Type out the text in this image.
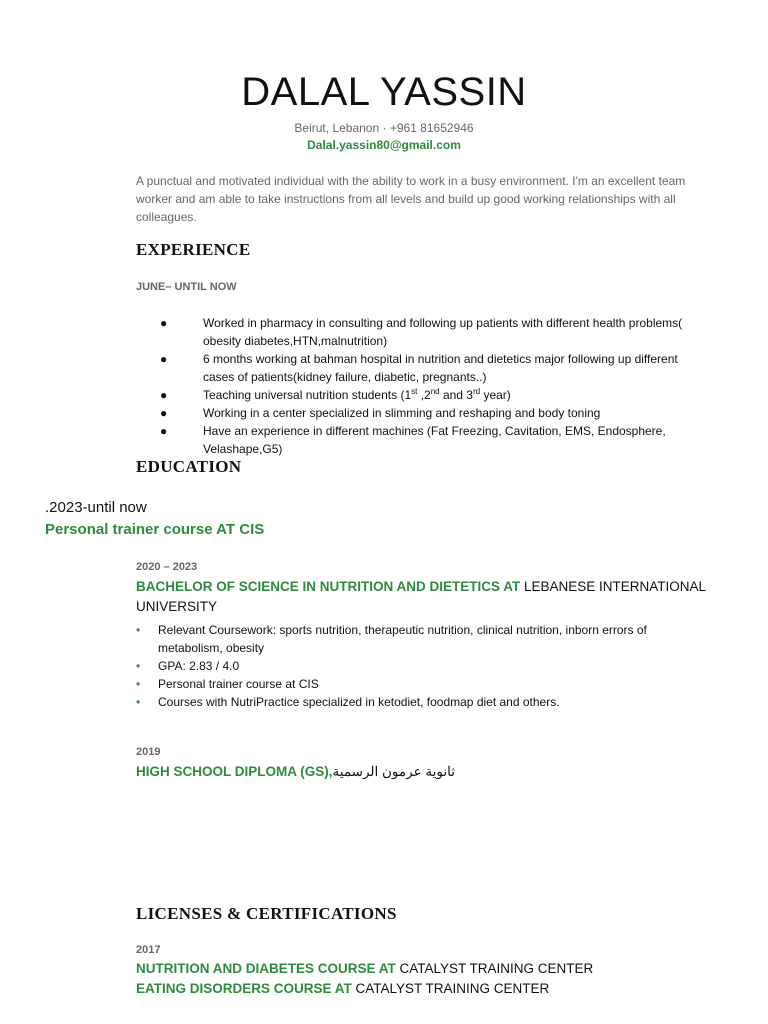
DALAL YASSIN
Beirut, Lebanon · +961 81652946
Dalal.yassin80@gmail.com
A punctual and motivated individual with the ability to work in a busy environment. I'm an excellent team worker and am able to take instructions from all levels and build up good working relationships with all colleagues.
EXPERIENCE
JUNE– UNTIL NOW
●	Worked in pharmacy in consulting and following up patients with different health problems( obesity diabetes,HTN,malnutrition)
●	6 months working at bahman hospital in nutrition and dietetics major following up different cases of patients(kidney failure, diabetic, pregnants..)
●	Teaching universal nutrition students (1st ,2nd and 3rd year)
●	Working in a center specialized in slimming and reshaping and body toning
●	Have an experience in different machines (Fat Freezing, Cavitation, EMS, Endosphere, Velashape,G5)
EDUCATION
.2023-until now
Personal trainer course AT CIS
2020 – 2023
BACHELOR OF SCIENCE IN NUTRITION AND DIETETICS AT LEBANESE INTERNATIONAL UNIVERSITY
• Relevant Coursework: sports nutrition, therapeutic nutrition, clinical nutrition, inborn errors of metabolism, obesity
• GPA: 2.83 / 4.0
• Personal trainer course at CIS
• Courses with NutriPractice specialized in ketodiet, foodmap diet and others.
2019
HIGH SCHOOL DIPLOMA (GS), ثانوية عرمون الرسمية
LICENSES & CERTIFICATIONS
2017
NUTRITION AND DIABETES COURSE AT CATALYST TRAINING CENTER
EATING DISORDERS COURSE AT CATALYST TRAINING CENTER
